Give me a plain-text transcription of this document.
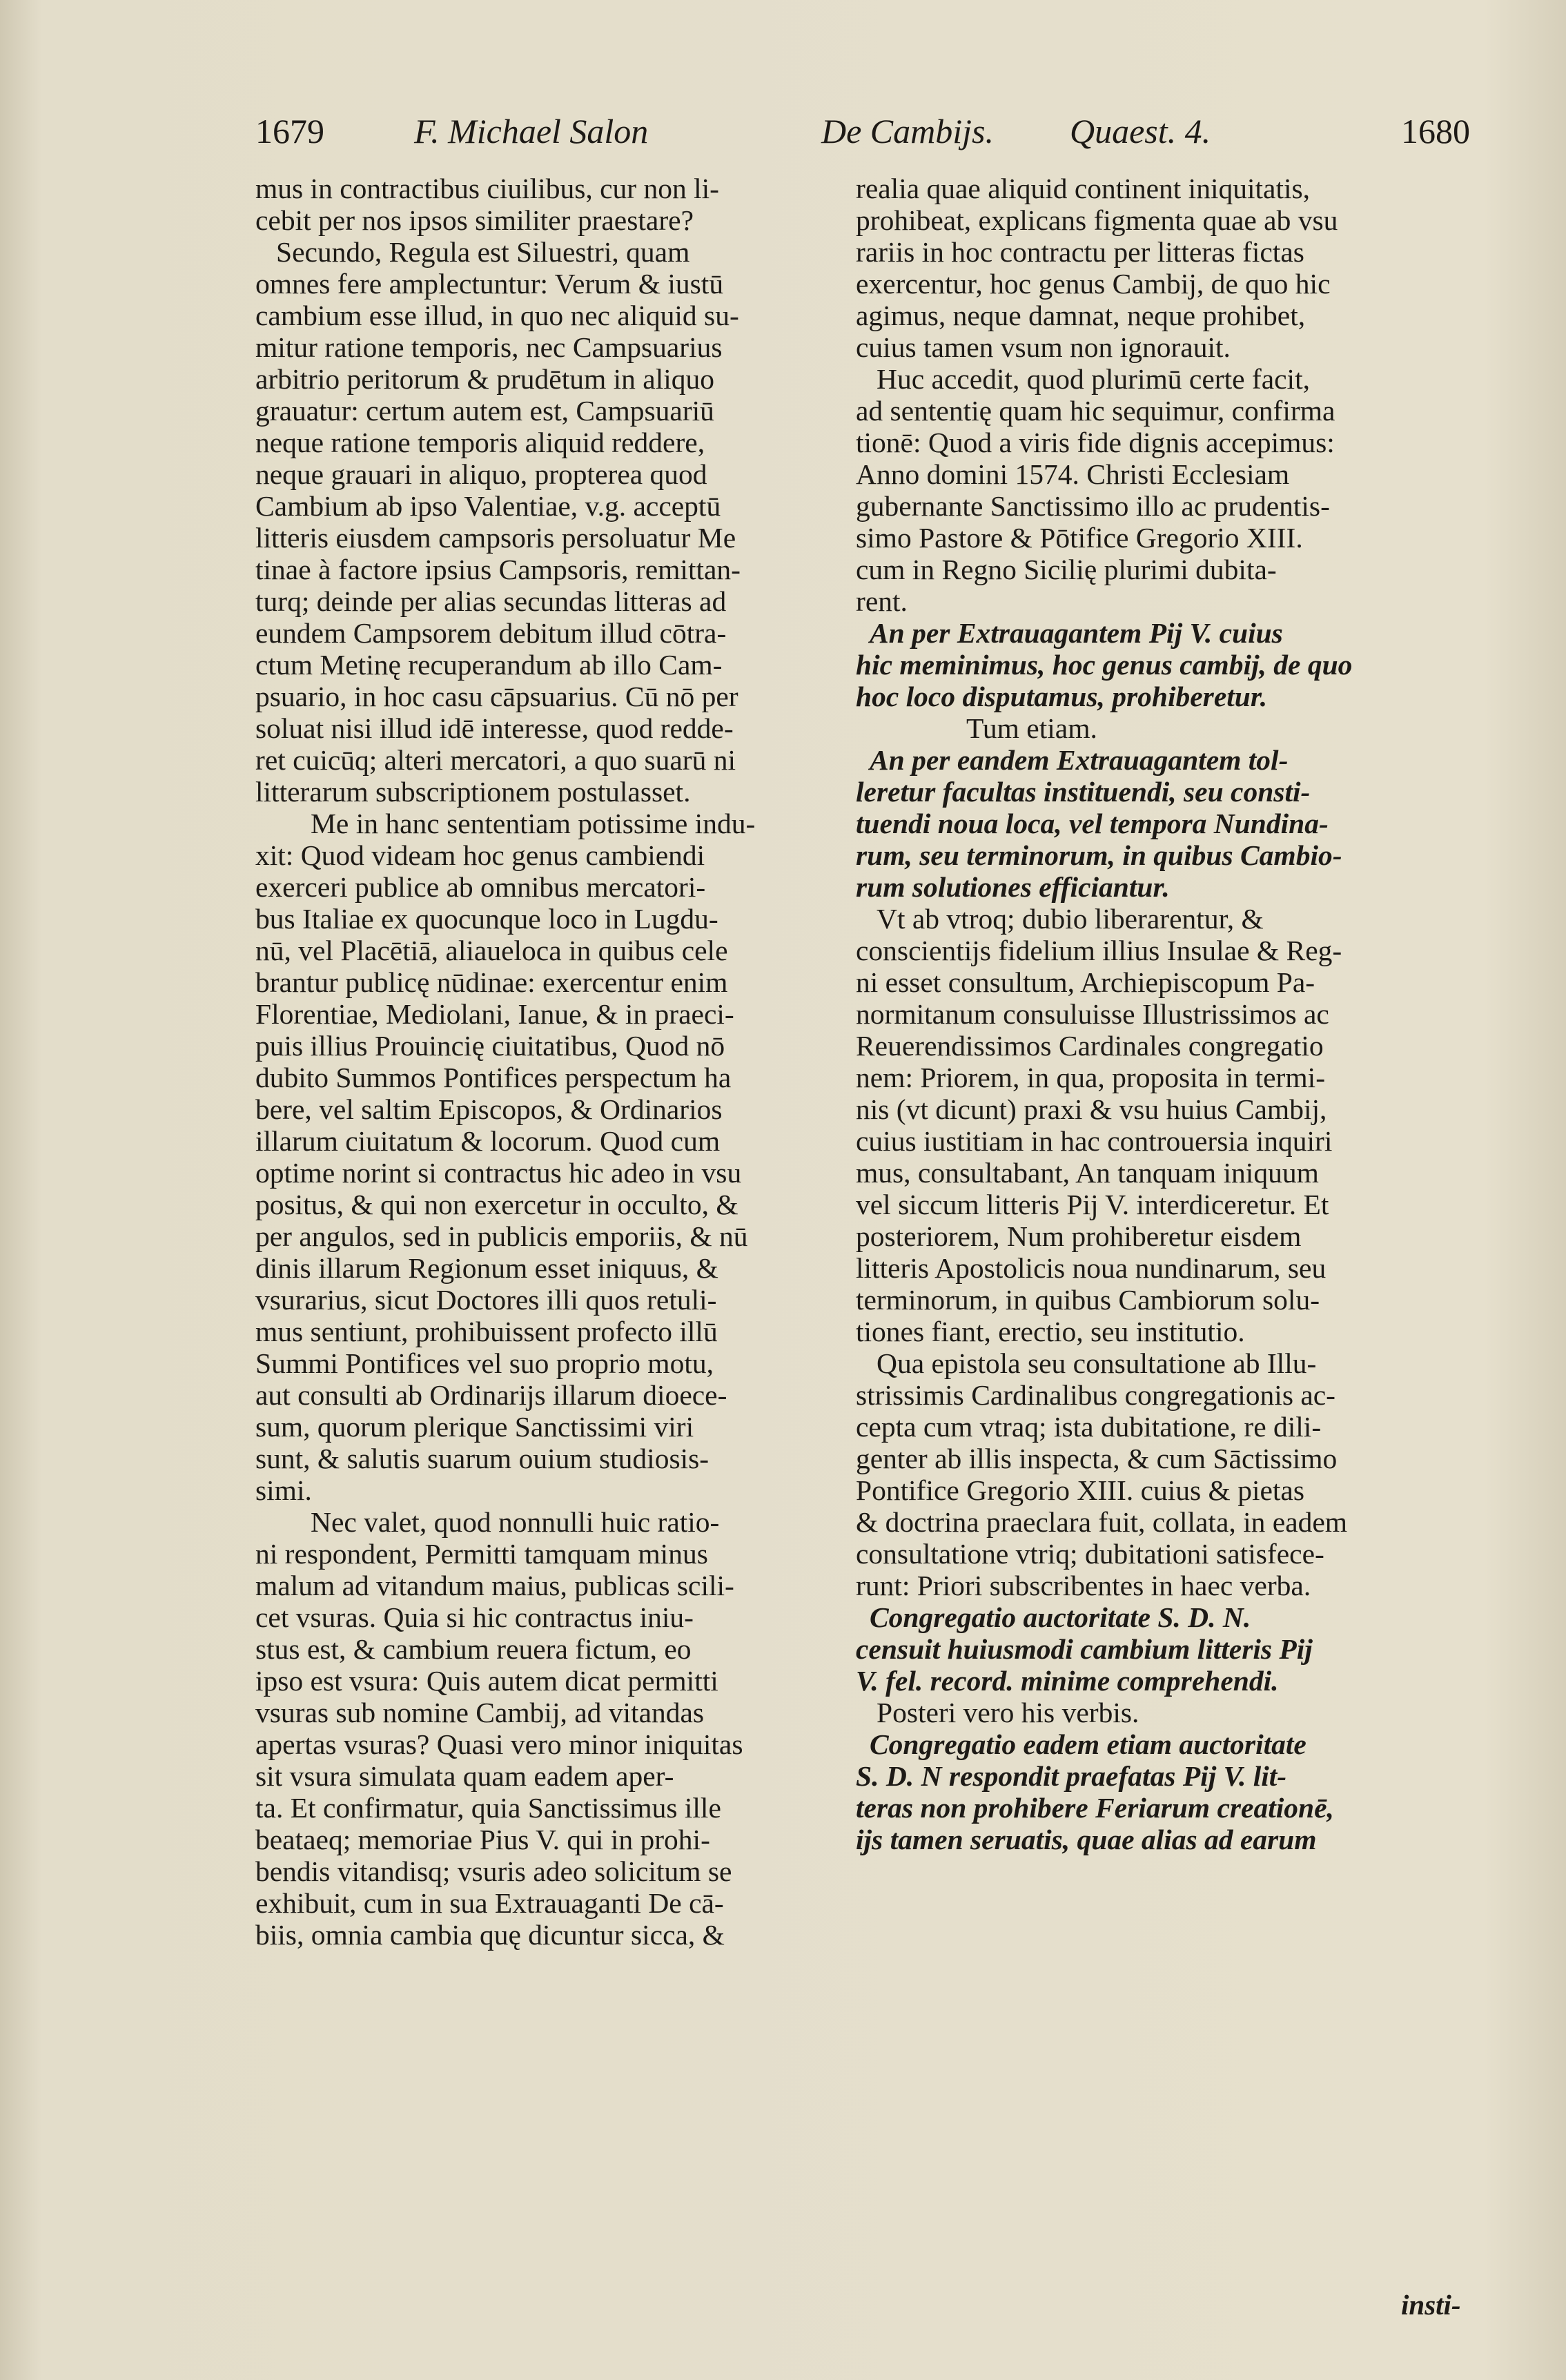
1679	F. Michael Salon	De Cambijs. Quaest. 4.	1680
mus in contractibus ciuilibus, cur non li-
cebit per nos ipsos similiter praestare?
Secundo, Regula est Siluestri, quam
omnes fere amplectuntur: Verum & iustū
cambium esse illud, in quo nec aliquid su-
mitur ratione temporis, nec Campsuarius
arbitrio peritorum & prudētum in aliquo
grauatur: certum autem est, Campsuariū
neque ratione temporis aliquid reddere,
neque grauari in aliquo, propterea quod
Cambium ab ipso Valentiae, v.g. acceptū
litteris eiusdem campsoris persoluatur Me
tinae à factore ipsius Campsoris, remittan-
turq; deinde per alias secundas litteras ad
eundem Campsorem debitum illud cōtra-
ctum Metinę recuperandum ab illo Cam-
psuario, in hoc casu cāpsuarius. Cū nō per
soluat nisi illud idē interesse, quod redde-
ret cuicūq; alteri mercatori, a quo suarū ni
litterarum subscriptionem postulasset.
Me in hanc sententiam potissime indu-
xit: Quod videam hoc genus cambiendi
exerceri publice ab omnibus mercatori-
bus Italiae ex quocunque loco in Lugdu-
nū, vel Placētiā, aliaueloca in quibus cele
brantur publicę nūdinae: exercentur enim
Florentiae, Mediolani, Ianue, & in praeci-
puis illius Prouincię ciuitatibus, Quod nō
dubito Summos Pontifices perspectum ha
bere, vel saltim Episcopos, & Ordinarios
illarum ciuitatum & locorum. Quod cum
optime norint si contractus hic adeo in vsu
positus, & qui non exercetur in occulto, &
per angulos, sed in publicis emporiis, & nū
dinis illarum Regionum esset iniquus, &
vsurarius, sicut Doctores illi quos retuli-
mus sentiunt, prohibuissent profecto illū
Summi Pontifices vel suo proprio motu,
aut consulti ab Ordinarijs illarum dioece-
sum, quorum plerique Sanctissimi viri
sunt, & salutis suarum ouium studiosis-
simi.
Nec valet, quod nonnulli huic ratio-
ni respondent, Permitti tamquam minus
malum ad vitandum maius, publicas scili-
cet vsuras. Quia si hic contractus iniu-
stus est, & cambium reuera fictum, eo
ipso est vsura: Quis autem dicat permitti
vsuras sub nomine Cambij, ad vitandas
apertas vsuras? Quasi vero minor iniquitas
sit vsura simulata quam eadem aper-
ta. Et confirmatur, quia Sanctissimus ille
beataeq; memoriae Pius V. qui in prohi-
bendis vitandisq; vsuris adeo solicitum se
exhibuit, cum in sua Extrauaganti De cā-
biis, omnia cambia quę dicuntur sicca, &
realia quae aliquid continent iniquitatis,
prohibeat, explicans figmenta quae ab vsu
rariis in hoc contractu per litteras fictas
exercentur, hoc genus Cambij, de quo hic
agimus, neque damnat, neque prohibet,
cuius tamen vsum non ignorauit.
Huc accedit, quod plurimū certe facit,
ad sententię quam hic sequimur, confirma
tionē: Quod a viris fide dignis accepimus:
Anno domini 1574. Christi Ecclesiam
gubernante Sanctissimo illo ac prudentis-
simo Pastore & Pōtifice Gregorio XIII.
cum in Regno Sicilię plurimi dubita-
rent.
An per Extrauagantem Pij V. cuius
hic meminimus, hoc genus cambij, de quo
hoc loco disputamus, prohiberetur.
Tum etiam.
An per eandem Extrauagantem tol-
leretur facultas instituendi, seu consti-
tuendi noua loca, vel tempora Nundina-
rum, seu terminorum, in quibus Cambio-
rum solutiones efficiantur.
Vt ab vtroq; dubio liberarentur, &
conscientijs fidelium illius Insulae & Reg-
ni esset consultum, Archiepiscopum Pa-
normitanum consuluisse Illustrissimos ac
Reuerendissimos Cardinales congregatio
nem: Priorem, in qua, proposita in termi-
nis (vt dicunt) praxi & vsu huius Cambij,
cuius iustitiam in hac controuersia inquiri
mus, consultabant, An tanquam iniquum
vel siccum litteris Pij V. interdiceretur. Et
posteriorem, Num prohiberetur eisdem
litteris Apostolicis noua nundinarum, seu
terminorum, in quibus Cambiorum solu-
tiones fiant, erectio, seu institutio.
Qua epistola seu consultatione ab Illu-
strissimis Cardinalibus congregationis ac-
cepta cum vtraq; ista dubitatione, re dili-
genter ab illis inspecta, & cum Sāctissimo
Pontifice Gregorio XIII. cuius & pietas
& doctrina praeclara fuit, collata, in eadem
consultatione vtriq; dubitationi satisfece-
runt: Priori subscribentes in haec verba.
Congregatio auctoritate S. D. N.
censuit huiusmodi cambium litteris Pij
V. fel. record. minime comprehendi.
Posteri vero his verbis.
Congregatio eadem etiam auctoritate
S. D. N respondit praefatas Pij V. lit-
teras non prohibere Feriarum creationē,
ijs tamen seruatis, quae alias ad earum
insti-
